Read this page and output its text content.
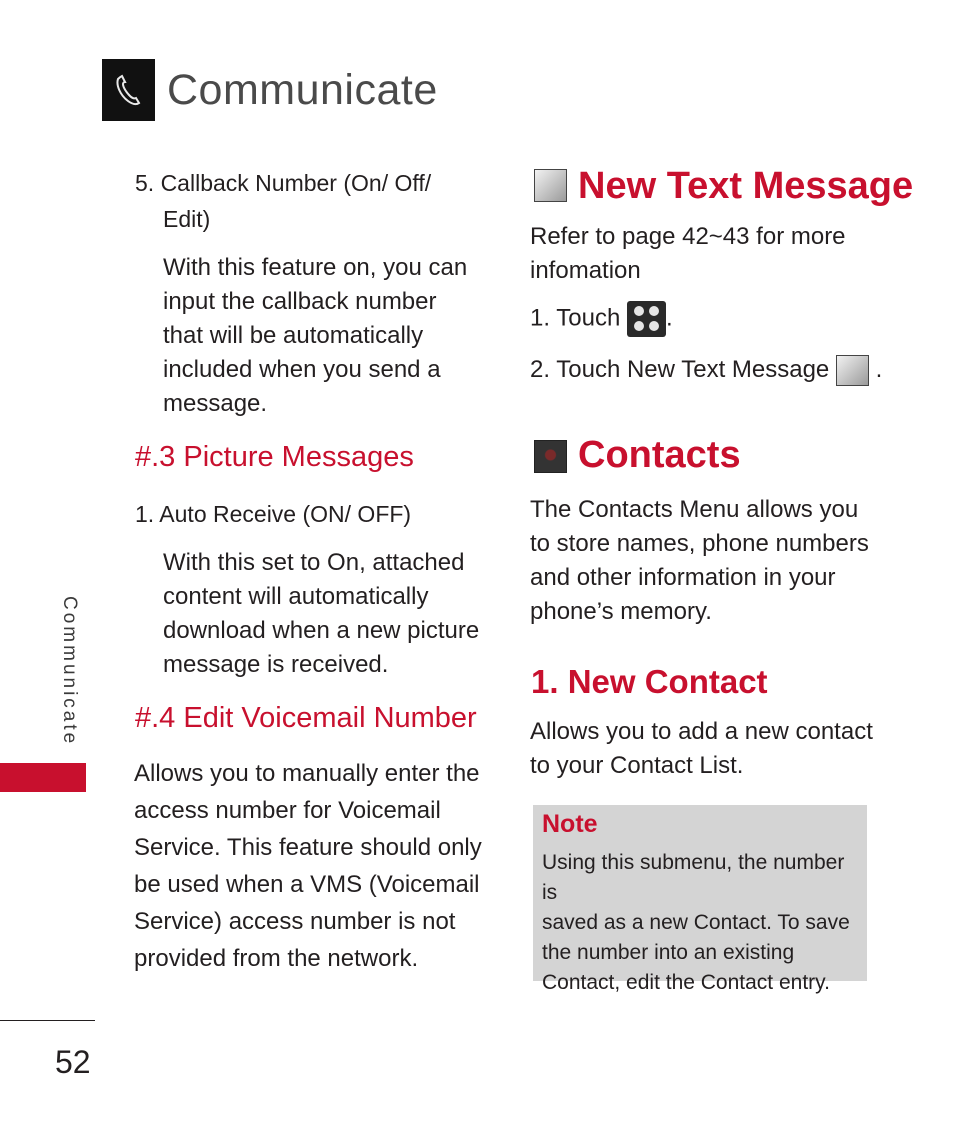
Communicate
Communicate
52
5. Callback Number (On/ Off/
Edit)
With this feature on, you can
input the callback number
that will be automatically
included when you send a
message.
#.3 Picture Messages
1. Auto Receive (ON/ OFF)
With this set to On, attached
content will automatically
download when a new picture
message is received.
#.4 Edit Voicemail Number
Allows you to manually enter the
access number for Voicemail
Service. This feature should only
be used when a VMS (Voicemail
Service) access number is not
provided from the network.
New Text Message
Refer to page 42~43 for more
infomation
1. Touch .
2. Touch New Text Message .
Contacts
The Contacts Menu allows you
to store names, phone numbers
and other information in your
phone’s memory.
1. New Contact
Allows you to add a new contact
to your Contact List.
Note
Using this submenu, the number is
saved as a new Contact. To save
the number into an existing
Contact, edit the Contact entry.
